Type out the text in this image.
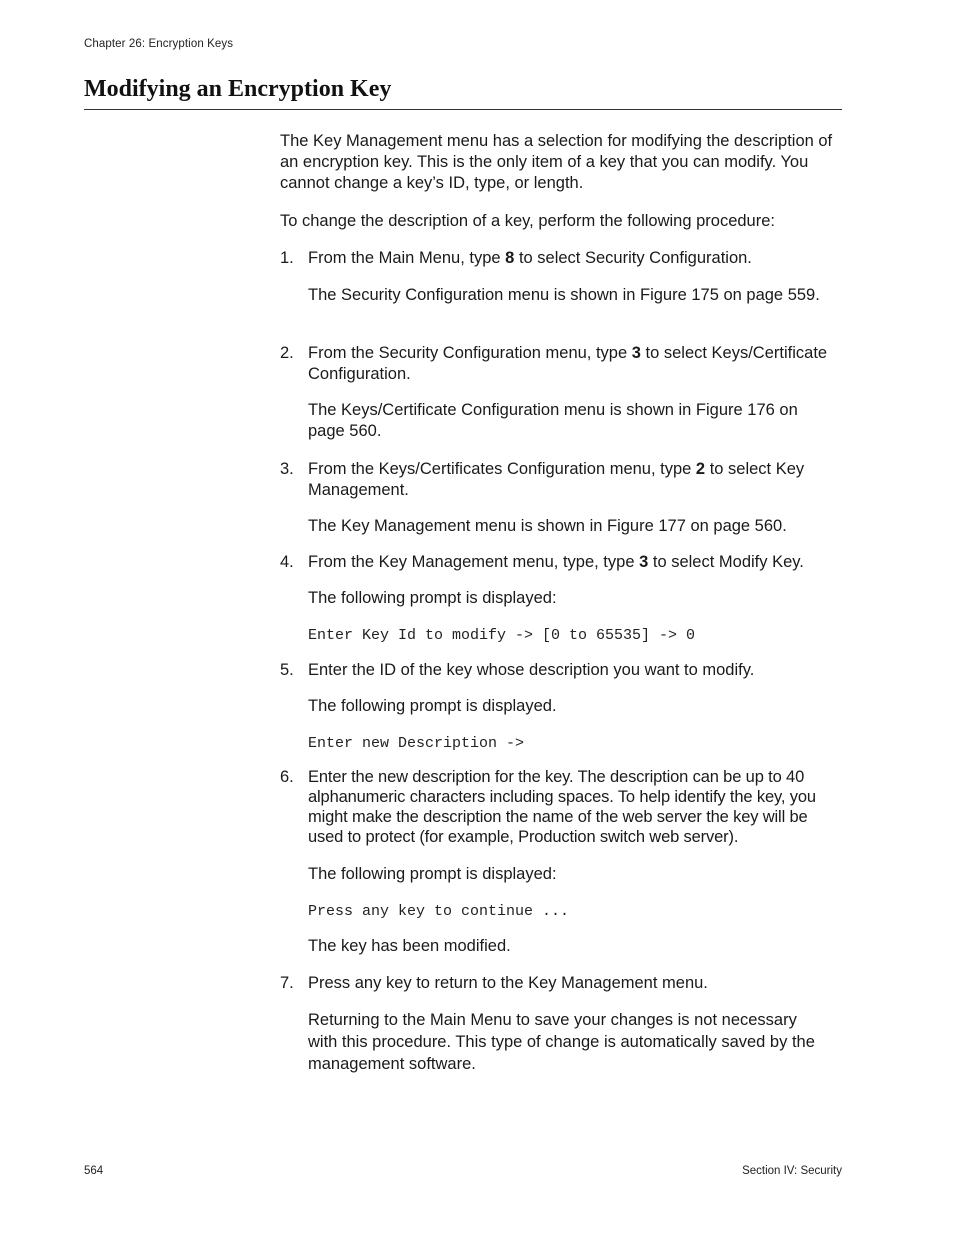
Chapter 26: Encryption Keys
Modifying an Encryption Key

The Key Management menu has a selection for modifying the description of an encryption key. This is the only item of a key that you can modify. You cannot change a key’s ID, type, or length.

To change the description of a key, perform the following procedure:

1. From the Main Menu, type 8 to select Security Configuration.

The Security Configuration menu is shown in Figure 175 on page 559.

2. From the Security Configuration menu, type 3 to select Keys/Certificate Configuration.

The Keys/Certificate Configuration menu is shown in Figure 176 on page 560.

3. From the Keys/Certificates Configuration menu, type 2 to select Key Management.

The Key Management menu is shown in Figure 177 on page 560.

4. From the Key Management menu, type, type 3 to select Modify Key.

The following prompt is displayed:

Enter Key Id to modify -> [0 to 65535] -> 0
5. Enter the ID of the key whose description you want to modify.

The following prompt is displayed.

Enter new Description ->
6. Enter the new description for the key. The description can be up to 40 alphanumeric characters including spaces. To help identify the key, you might make the description the name of the web server the key will be used to protect (for example, Production switch web server).

The following prompt is displayed:

Press any key to continue ...

The key has been modified.

7. Press any key to return to the Key Management menu.

Returning to the Main Menu to save your changes is not necessary with this procedure. This type of change is automatically saved by the management software.

564	Section IV: Security
